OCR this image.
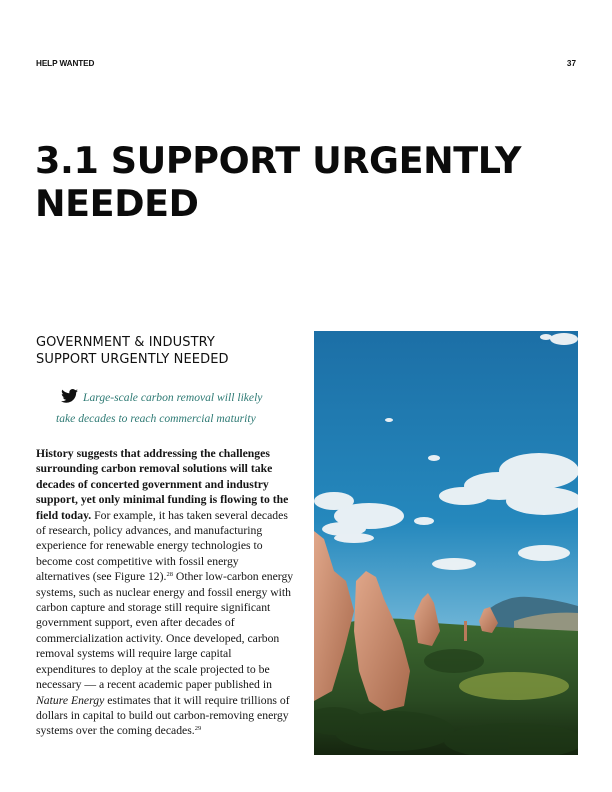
HELP WANTED	37
3.1 SUPPORT URGENTLY NEEDED
GOVERNMENT & INDUSTRY
SUPPORT URGENTLY NEEDED
Large-scale carbon removal will likely
take decades to reach commercial maturity

History suggests that addressing the challenges surrounding carbon removal solutions will take decades of concerted government and industry support, yet only minimal funding is flowing to the field today. For example, it has taken several decades of research, policy advances, and manufacturing experience for renewable energy technologies to become cost competitive with fossil energy alternatives (see Figure 12).$^{28}$ Other low-carbon energy systems, such as nuclear energy and fossil energy with carbon capture and storage still require significant government support, even after decades of commercialization activity. Once developed, carbon removal systems will require large capital expenditures to deploy at the scale projected to be necessary — a recent academic paper published in Nature Energy estimates that it will require trillions of dollars in capital to build out carbon-removing energy systems over the coming decades.$^{29}$
